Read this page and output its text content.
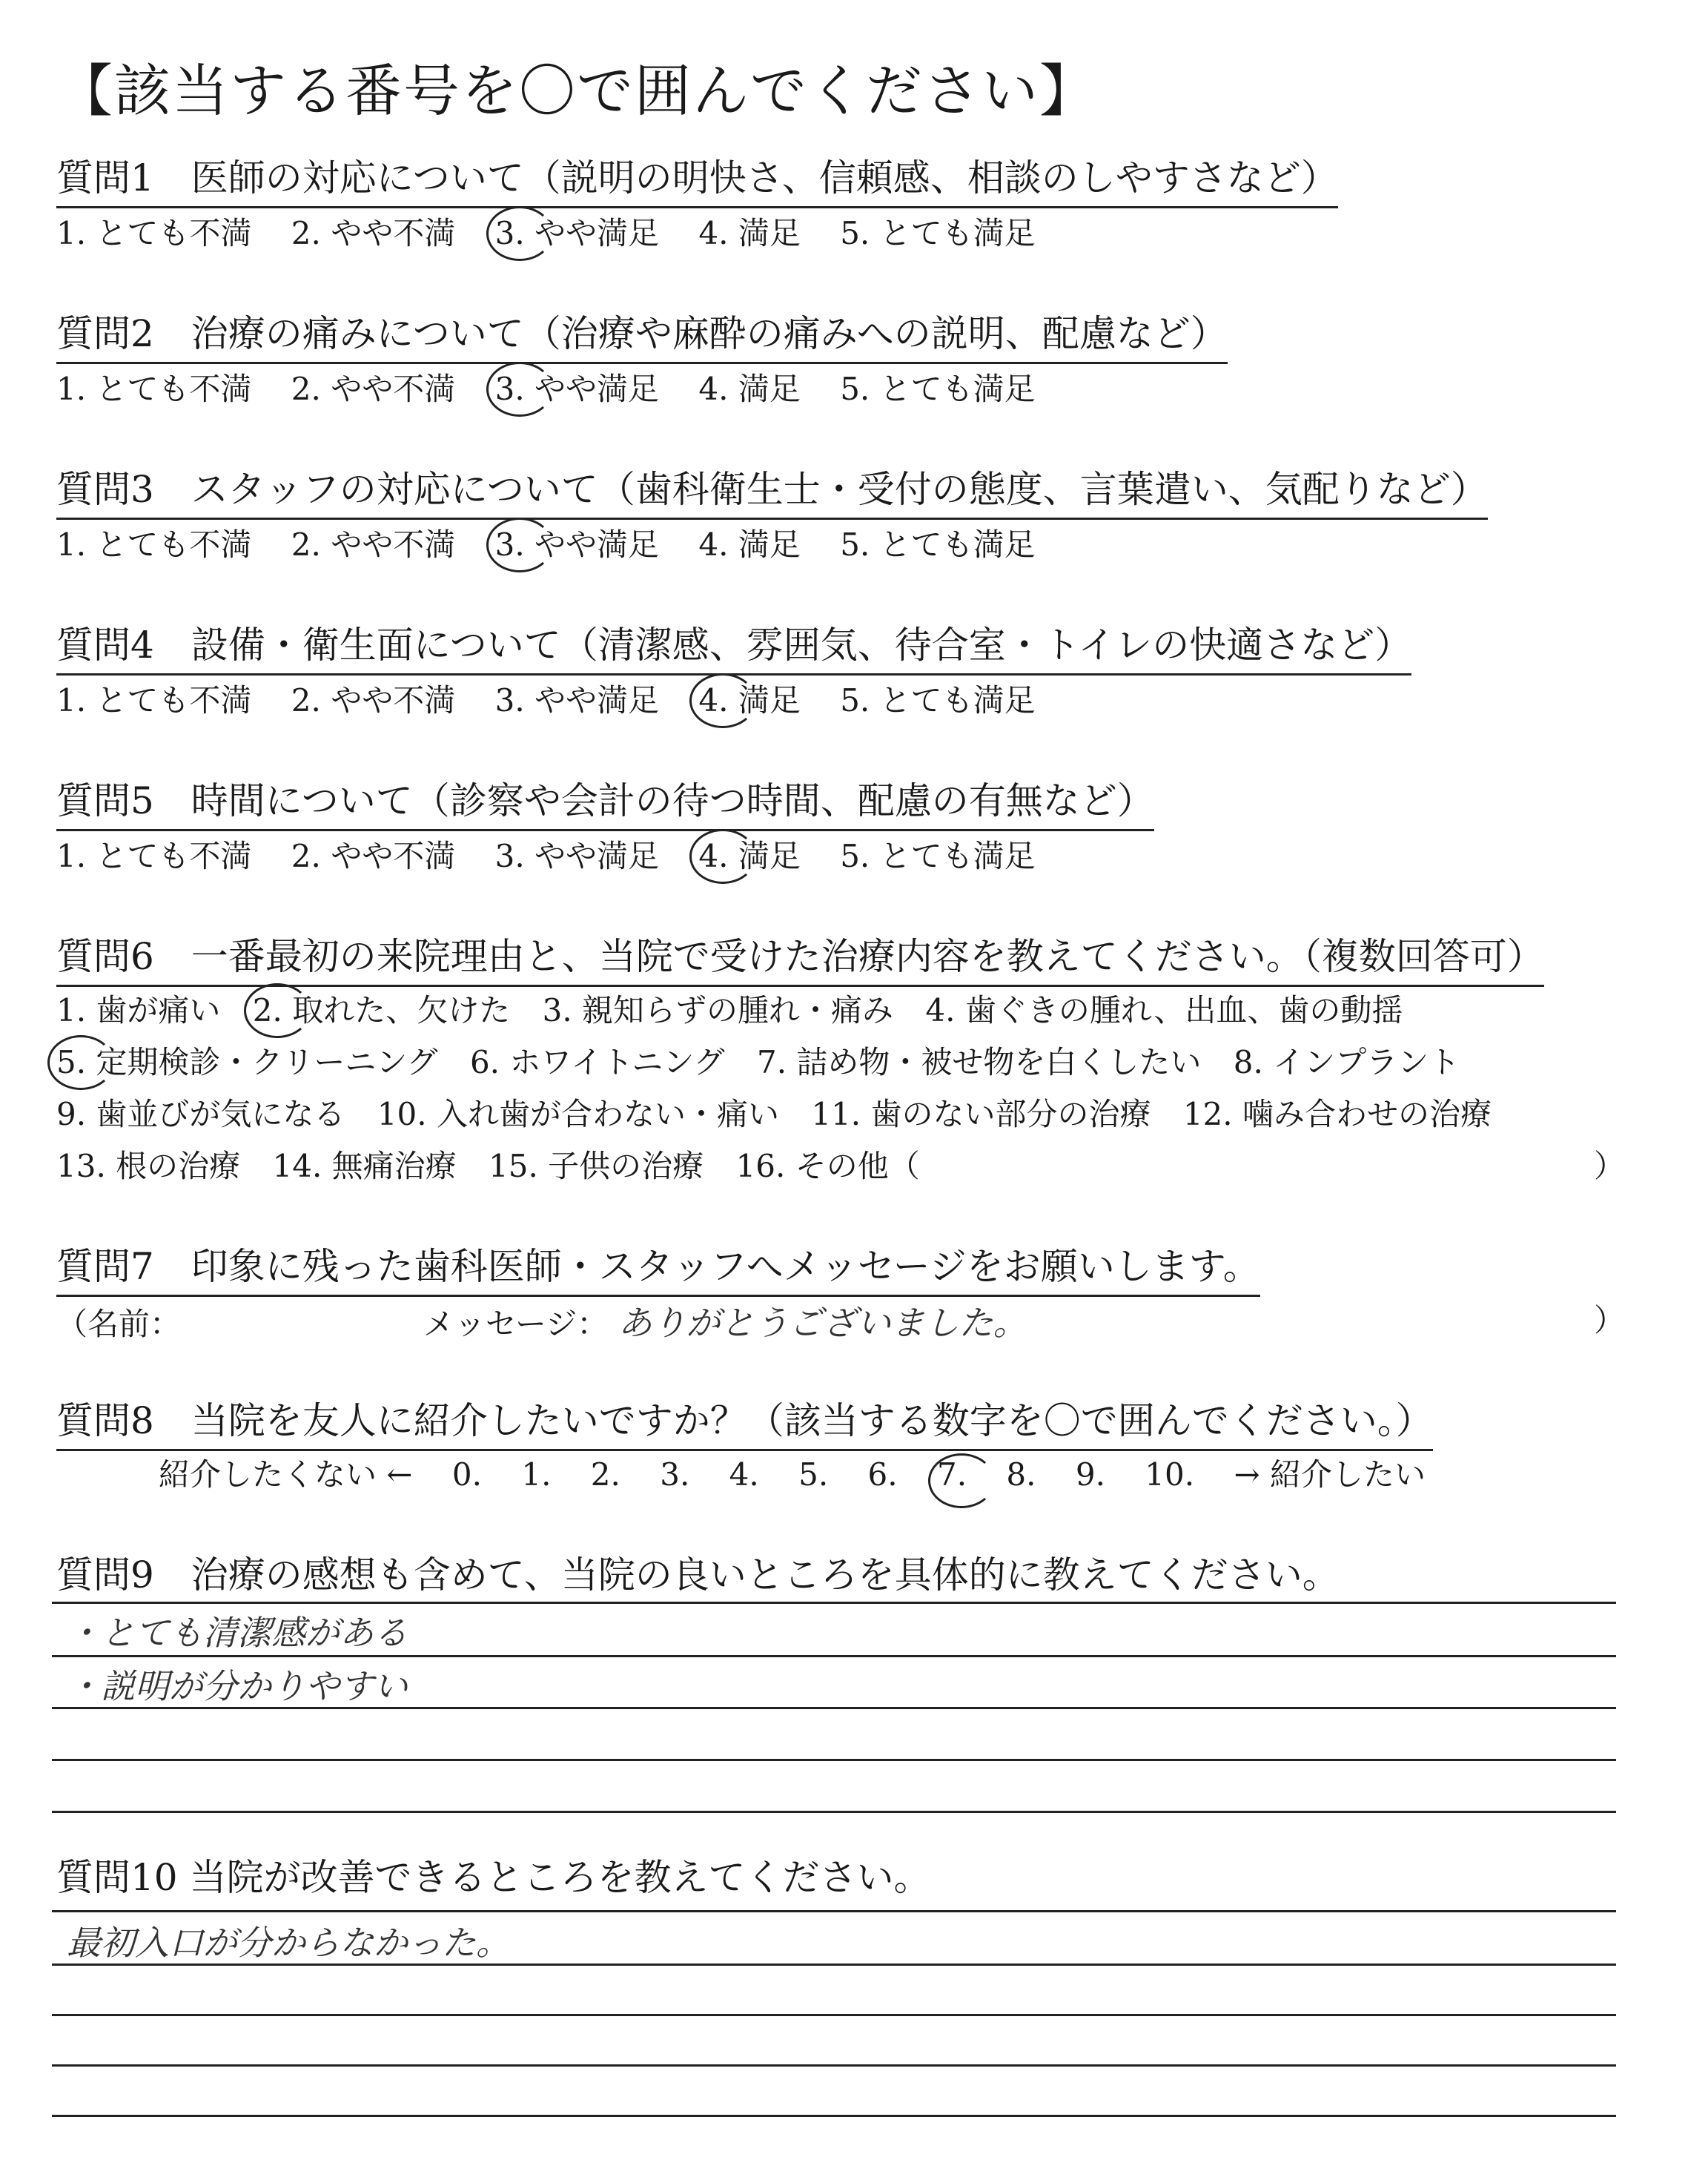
【該当する番号を〇で囲んでください】
質問1　医師の対応について（説明の明快さ、信頼感、相談のしやすさなど）
1. とても不満 2. やや不満 3. やや満足 4. 満足 5. とても満足
質問2　治療の痛みについて（治療や麻酔の痛みへの説明、配慮など）
1. とても不満 2. やや不満 3. やや満足 4. 満足 5. とても満足
質問3　スタッフの対応について（歯科衛生士・受付の態度、言葉遣い、気配りなど）
1. とても不満 2. やや不満 3. やや満足 4. 満足 5. とても満足
質問4　設備・衛生面について（清潔感、雰囲気、待合室・トイレの快適さなど）
1. とても不満 2. やや不満 3. やや満足 4. 満足 5. とても満足
質問5　時間について（診察や会計の待つ時間、配慮の有無など）
1. とても不満 2. やや不満 3. やや満足 4. 満足 5. とても満足
質問6　一番最初の来院理由と、当院で受けた治療内容を教えてください。（複数回答可）
1. 歯が痛い 2. 取れた、欠けた 3. 親知らずの腫れ・痛み 4. 歯ぐきの腫れ、出血、歯の動揺
5. 定期検診・クリーニング 6. ホワイトニング 7. 詰め物・被せ物を白くしたい 8. インプラント
9. 歯並びが気になる 10. 入れ歯が合わない・痛い 11. 歯のない部分の治療 12. 噛み合わせの治療
13. 根の治療 14. 無痛治療 15. 子供の治療 16. その他（	）
質問7　印象に残った歯科医師・スタッフへメッセージをお願いします。
（名前：	メッセージ： ありがとうございました。	）
質問8　当院を友人に紹介したいですか？（該当する数字を〇で囲んでください。）
紹介したくない ← 0. 1. 2. 3. 4. 5. 6. 7. 8. 9. 10. → 紹介したい
質問9　治療の感想も含めて、当院の良いところを具体的に教えてください。
・とても清潔感がある
・説明が分かりやすい
質問10 当院が改善できるところを教えてください。
最初入口が分からなかった。
